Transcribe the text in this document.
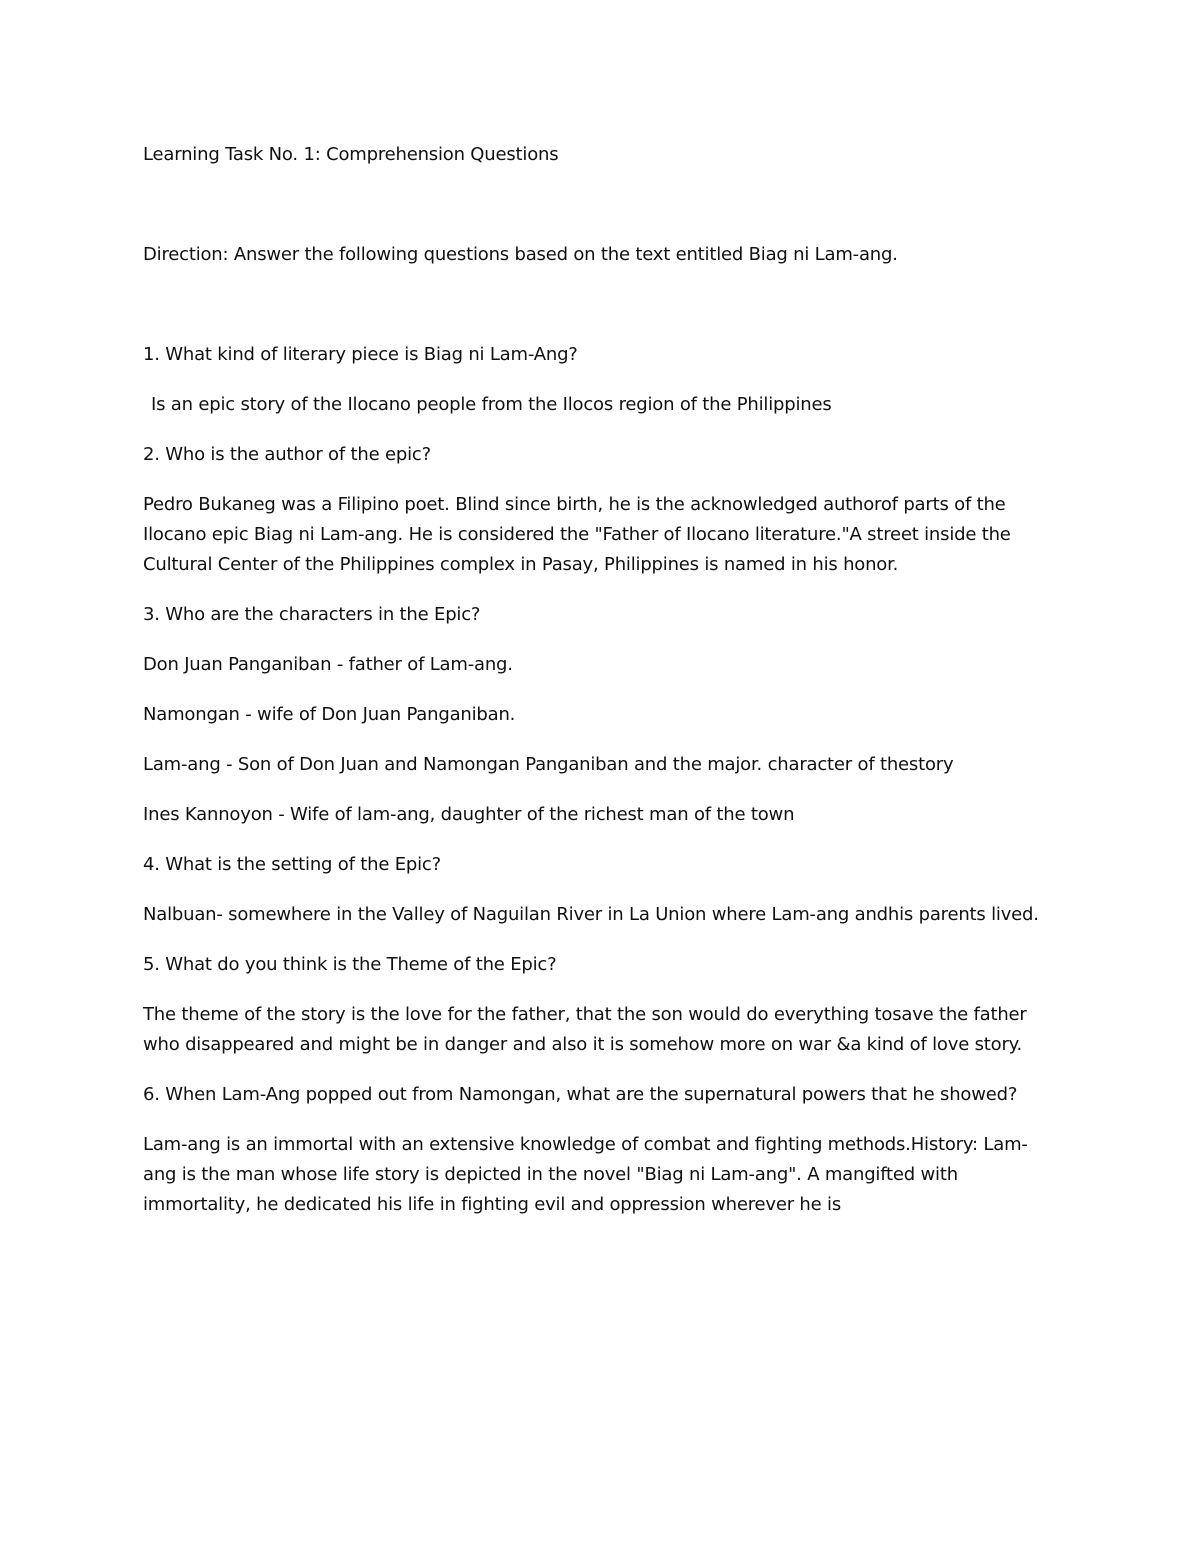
Learning Task No. 1: Comprehension Questions

Direction: Answer the following questions based on the text entitled Biag ni Lam-ang.

1. What kind of literary piece is Biag ni Lam-Ang?

Is an epic story of the Ilocano people from the Ilocos region of the Philippines

2. Who is the author of the epic?

Pedro Bukaneg was a Filipino poet. Blind since birth, he is the acknowledged authorof parts of the Ilocano epic Biag ni Lam-ang. He is considered the "Father of Ilocano literature."A street inside the Cultural Center of the Philippines complex in Pasay, Philippines is named in his honor.

3. Who are the characters in the Epic?

Don Juan Panganiban - father of Lam-ang.

Namongan - wife of Don Juan Panganiban.

Lam-ang - Son of Don Juan and Namongan Panganiban and the major. character of thestory

Ines Kannoyon - Wife of lam-ang, daughter of the richest man of the town

4. What is the setting of the Epic?

Nalbuan- somewhere in the Valley of Naguilan River in La Union where Lam-ang andhis parents lived.

5. What do you think is the Theme of the Epic?

The theme of the story is the love for the father, that the son would do everything tosave the father who disappeared and might be in danger and also it is somehow more on war &a kind of love story.

6. When Lam-Ang popped out from Namongan, what are the supernatural powers that he showed?

Lam-ang is an immortal with an extensive knowledge of combat and fighting methods.History: Lam-ang is the man whose life story is depicted in the novel "Biag ni Lam-ang". A mangifted with immortality, he dedicated his life in fighting evil and oppression wherever he is
